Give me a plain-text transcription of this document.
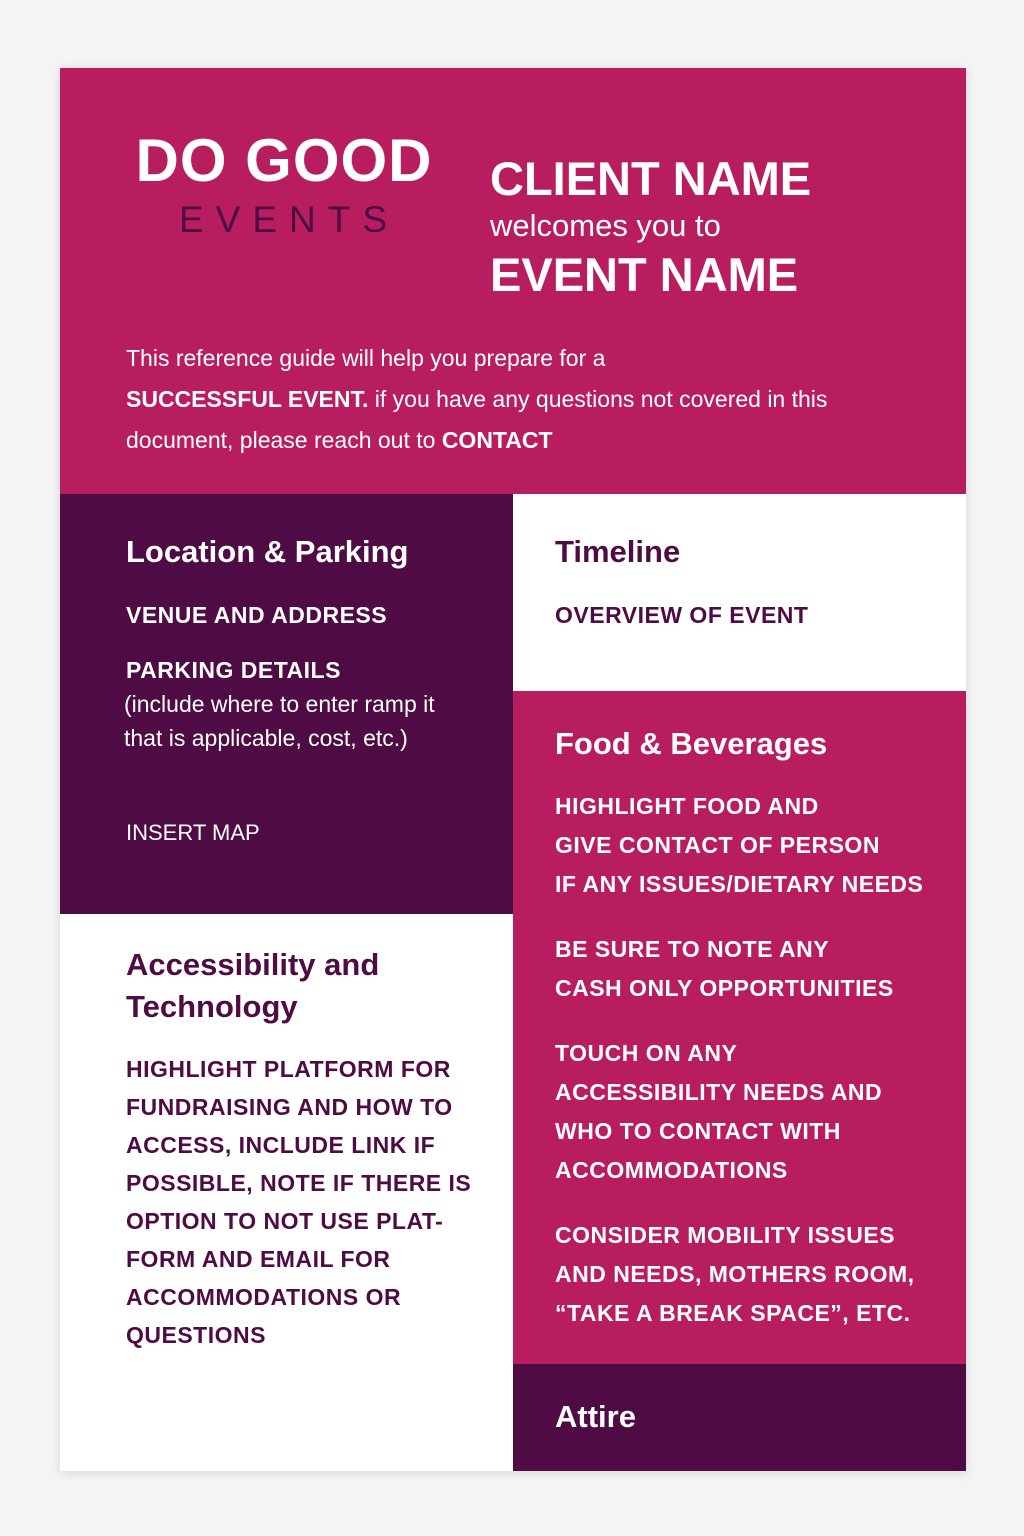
DO GOOD
EVENTS
CLIENT NAME
welcomes you to
EVENT NAME
This reference guide will help you prepare for a
SUCCESSFUL EVENT. if you have any questions not covered in this document, please reach out to CONTACT
Location & Parking
VENUE AND ADDRESS
PARKING DETAILS
(include where to enter ramp it that is applicable, cost, etc.)
INSERT MAP
Timeline
OVERVIEW OF EVENT
Accessibility and Technology
HIGHLIGHT PLATFORM FOR FUNDRAISING AND HOW TO ACCESS, INCLUDE LINK IF POSSIBLE, NOTE IF THERE IS OPTION TO NOT USE PLAT-FORM AND EMAIL FOR ACCOMMODATIONS OR QUESTIONS
Food & Beverages
HIGHLIGHT FOOD AND
GIVE CONTACT OF PERSON
IF ANY ISSUES/DIETARY NEEDS
BE SURE TO NOTE ANY
CASH ONLY OPPORTUNITIES
TOUCH ON ANY
ACCESSIBILITY NEEDS AND
WHO TO CONTACT WITH
ACCOMMODATIONS
CONSIDER MOBILITY ISSUES
AND NEEDS, MOTHERS ROOM,
“TAKE A BREAK SPACE”, ETC.
Attire
